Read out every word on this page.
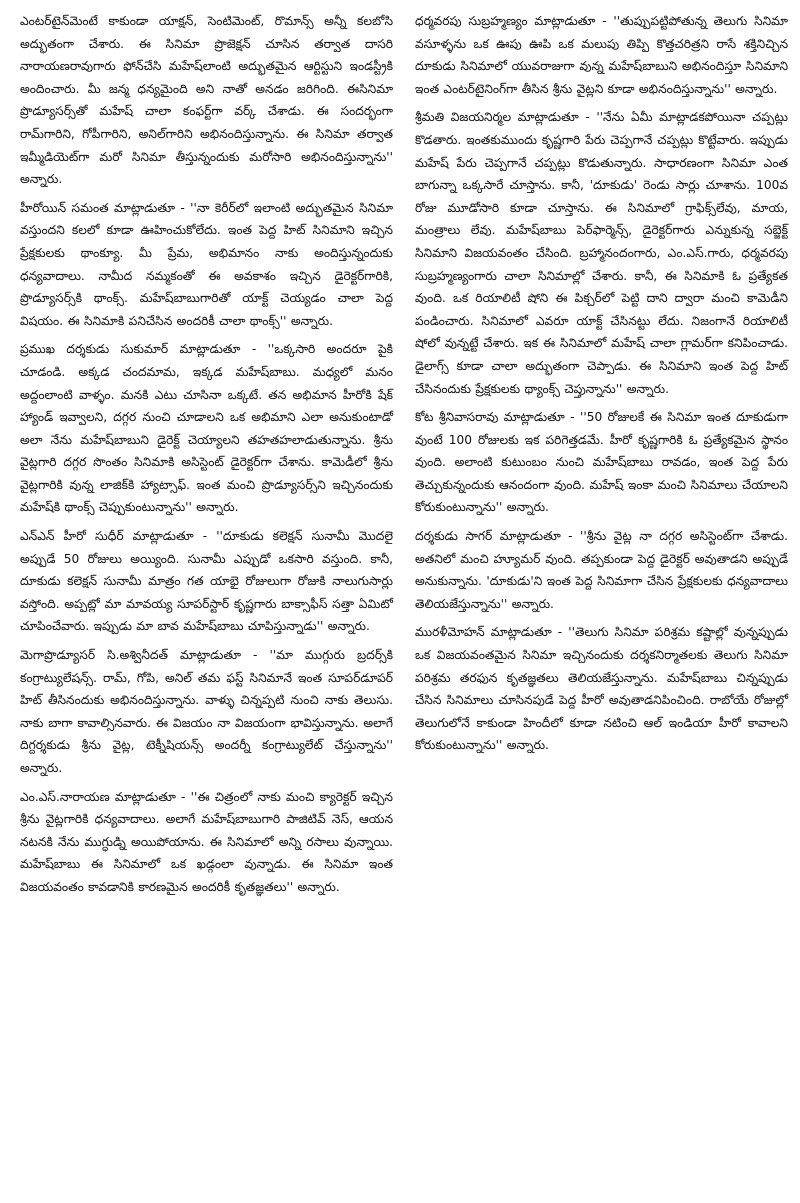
ఎంటర్‌టైన్‌మెంటే కాకుండా యాక్షన్‌, సెంటిమెంట్‌, రొమాన్స్‌ అన్నీ కలబోసి అద్భుతంగా చేశారు. ఈ సినిమా ప్రొజెక్షన్‌ చూసిన తర్వాత దాసరి నారాయణరావుగారు ఫోన్‌చేసి మహేష్‌లాంటి అద్భుతమైన ఆర్టిస్టుని ఇండస్ట్రీకి అందించారు. మీ జన్మ ధన్యమైంది అని నాతో అనడం జరిగింది. ఈసినిమా ప్రొడ్యూసర్స్‌తో మహేష్‌ చాలా కంఫర్ట్‌గా వర్క్‌ చేశాడు. ఈ సందర్భంగా రామ్‌గారిని, గోపీగారిని, అనిల్‌గారిని అభినందిస్తున్నాను. ఈ సినిమా తర్వాత ఇమ్మీడియెట్‌గా మరో సినిమా తీస్తున్నందుకు మరోసారి అభినందిస్తున్నాను'' అన్నారు.

హీరోయిన్‌ సమంత మాట్లాడుతూ - ''నా కెరీర్‌లో ఇలాంటి అద్భుతమైన సినిమా వస్తుందని కలలో కూడా ఊహించుకోలేదు. ఇంత పెద్ద హిట్‌ సినిమాని ఇచ్చిన ప్రేక్షకులకు థాంక్యూ. మీ ప్రేమ, అభిమానం నాకు అందిస్తున్నందుకు ధన్యవాదాలు. నామీద నమ్మకంతో ఈ అవకాశం ఇచ్చిన డైరెక్టర్‌గారికి, ప్రొడ్యూసర్స్‌కి థాంక్స్‌. మహేష్‌బాబుగారితో యాక్ట్‌ చెయ్యడం చాలా పెద్ద విషయం. ఈ సినిమాకి పనిచేసిన అందరికీ చాలా థాంక్స్‌'' అన్నారు.

ప్రముఖ దర్శకుడు సుకుమార్‌ మాట్లాడుతూ - ''ఒక్కసారి అందరూ పైకి చూడండి. అక్కడ చందమామ, ఇక్కడ మహేష్‌బాబు. మధ్యలో మనం అద్దంలాంటి వాళ్ళం. మనకి ఎటు చూసినా ఒక్కటే. తన అభిమాన హీరోకి షేక్‌ హ్యాండ్‌ ఇవ్వాలని, దగ్గర నుంచి చూడాలని ఒక అభిమాని ఎలా అనుకుంటాడో అలా నేను మహేష్‌బాబుని డైరెక్ట్‌ చెయ్యాలని తహతహలాడుతున్నాను. శ్రీను వైట్లగారి దగ్గర సొంతం సినిమాకి అసిస్టెంట్‌ డైరెక్టర్‌గా చేశాను. కామెడీలో శ్రీను వైట్లగారికి వున్న లాజిక్‌కి హ్యాట్సాఫ్‌. ఇంత మంచి ప్రొడ్యూసర్స్‌ని ఇచ్చినందుకు మహేష్‌కి థాంక్స్‌ చెప్పుకుంటున్నాను'' అన్నారు.

ఎన్‌ఎన్‌ హీరో సుధీర్‌ మాట్లాడుతూ - ''దూకుడు కలెక్షన్‌ సునామీ మొదలై అప్పుడే 50 రోజులు అయ్యింది. సునామీ ఎప్పుడో ఒకసారి వస్తుంది. కానీ, దూకుడు కలెక్షన్‌ సునామీ మాత్రం గత యాభై రోజులుగా రోజుకి నాలుగుసార్లు వస్తోంది. అప్పట్లో మా మావయ్య సూపర్‌స్టార్‌ కృష్ణగారు బాక్సాఫీస్‌ సత్తా ఏమిటో చూపించేవారు. ఇప్పుడు మా బావ మహేష్‌బాబు చూపిస్తున్నాడు'' అన్నారు.

మెగాప్రొడ్యూసర్‌ సి.అశ్వినీదత్‌ మాట్లాడుతూ - ''మా ముగ్గురు బ్రదర్స్‌కి కంగ్రాట్యులేషన్స్‌. రామ్‌, గోపి, అనిల్‌ తమ ఫస్ట్‌ సినిమానే ఇంత సూపర్‌డూపర్‌ హిట్‌ తీసినందుకు అభినందిస్తున్నాను. వాళ్ళు చిన్నప్పటి నుంచి నాకు తెలుసు. నాకు బాగా కావాల్సినవారు. ఈ విజయం నా విజయంగా భావిస్తున్నాను. అలాగే దిగ్దర్శకుడు శ్రీను వైట్ల, టెక్నీషియన్స్‌ అందర్నీ కంగ్రాట్యులేట్‌ చేస్తున్నాను'' అన్నారు.

ఎం.ఎస్‌.నారాయణ మాట్లాడుతూ - ''ఈ చిత్రంలో నాకు మంచి క్యారెక్టర్‌ ఇచ్చిన శ్రీను వైట్లగారికి ధన్యవాదాలు. అలాగే మహేష్‌బాబుగారి పాజిటివ్‌ నెస్‌, ఆయన నటనకి నేను ముగ్ధుడ్ని అయిపోయాను. ఈ సినిమాలో అన్ని రసాలు వున్నాయి. మహేష్‌బాబు ఈ సినిమాలో ఒక ఖడ్గంలా వున్నాడు. ఈ సినిమా ఇంత విజయవంతం కావడానికి కారణమైన అందరికీ కృతజ్ఞతలు'' అన్నారు.

ధర్మవరపు సుబ్రహ్మణ్యం మాట్లాడుతూ - ''తుప్పుపట్టిపోతున్న తెలుగు సినిమా వసూళ్ళను ఒక ఊపు ఊపి ఒక మలుపు తిప్పి కొత్తచరిత్రని రాసే శక్తినిచ్చిన దూకుడు సినిమాలో యువరాజుగా వున్న మహేష్‌బాబుని అభినందిస్తూ సినిమాని ఇంత ఎంటర్‌టైనింగ్‌గా తీసిన శ్రీను వైట్లని కూడా అభినందిస్తున్నాను'' అన్నారు.

శ్రీమతి విజయనిర్మల మాట్లాడుతూ - ''నేను ఏమీ మాట్లాడకపోయినా చప్పట్లు కొడతారు. ఇంతకుముందు కృష్ణగారి పేరు చెప్పగానే చప్పట్లు కొట్టేవారు. ఇప్పుడు మహేష్‌ పేరు చెప్పగానే చప్పట్లు కొడుతున్నారు. సాధారణంగా సినిమా ఎంత బాగున్నా ఒక్కసారే చూస్తాను. కానీ, 'దూకుడు' రెండు సార్లు చూశాను. 100వ రోజు మూడోసారి కూడా చూస్తాను. ఈ సినిమాలో గ్రాఫిక్స్‌లేవు, మాయ, మంత్రాలు లేవు. మహేష్‌బాబు పెర్‌ఫార్మెన్స్‌, డైరెక్టర్‌గారు ఎన్నుకున్న సబ్జెక్ట్‌ సినిమాని విజయవంతం చేసింది. బ్రహ్మానందంగారు, ఎం.ఎస్‌.గారు, ధర్మవరపు సుబ్రహ్మణ్యంగారు చాలా సినిమాల్లో చేశారు. కానీ, ఈ సినిమాకి ఓ ప్రత్యేకత వుంది. ఒక రియాలిటీ షోని ఈ పిక్చర్‌లో పెట్టి దాని ద్వారా మంచి కామెడీని పండించారు. సినిమాలో ఎవరూ యాక్ట్‌ చేసినట్టు లేదు. నిజంగానే రియాలిటీ షోలో వున్నట్టే చేశారు. ఇక ఈ సినిమాలో మహేష్‌ చాలా గ్లామర్‌గా కనిపించాడు. డైలాగ్స్‌ కూడా చాలా అద్భుతంగా చెప్పాడు. ఈ సినిమాని ఇంత పెద్ద హిట్‌ చేసినందుకు ప్రేక్షకులకు థ్యాంక్స్‌ చెప్తున్నాను'' అన్నారు.

కోట శ్రీనివాసరావు మాట్లాడుతూ - ''50 రోజులకే ఈ సినిమా ఇంత దూకుడుగా వుంటే 100 రోజులకు ఇక పరిగెత్తడమే. హీరో కృష్ణగారికి ఓ ప్రత్యేకమైన స్థానం వుంది. అలాంటి కుటుంబం నుంచి మహేష్‌బాబు రావడం, ఇంత పెద్ద పేరు తెచ్చుకున్నందుకు ఆనందంగా వుంది. మహేష్‌ ఇంకా మంచి సినిమాలు చేయాలని కోరుకుంటున్నాను'' అన్నారు.

దర్శకుడు సాగర్‌ మాట్లాడుతూ - ''శ్రీను వైట్ల నా దగ్గర అసిస్టెంట్‌గా చేశాడు. అతనిలో మంచి హ్యూమర్‌ వుంది. తప్పకుండా పెద్ద డైరెక్టర్‌ అవుతాడని అప్పుడే అనుకున్నాను. 'దూకుడు'ని ఇంత పెద్ద సినిమాగా చేసిన ప్రేక్షకులకు ధన్యవాదాలు తెలియజేస్తున్నాను'' అన్నారు.

మురళీమోహన్‌ మాట్లాడుతూ - ''తెలుగు సినిమా పరిశ్రమ కష్టాల్లో వున్నప్పుడు ఒక విజయవంతమైన సినిమా ఇచ్చినందుకు దర్శకనిర్మాతలకు తెలుగు సినిమా పరిశ్రమ తరఫున కృతజ్ఞతలు తెలియజేస్తున్నాను. మహేష్‌బాబు చిన్నప్పుడు చేసిన సినిమాలు చూసినపుడే పెద్ద హీరో అవుతాడనిపించింది. రాబోయే రోజుల్లో తెలుగులోనే కాకుండా హిందీలో కూడా నటించి ఆల్‌ ఇండియా హీరో కావాలని కోరుకుంటున్నాను'' అన్నారు.
